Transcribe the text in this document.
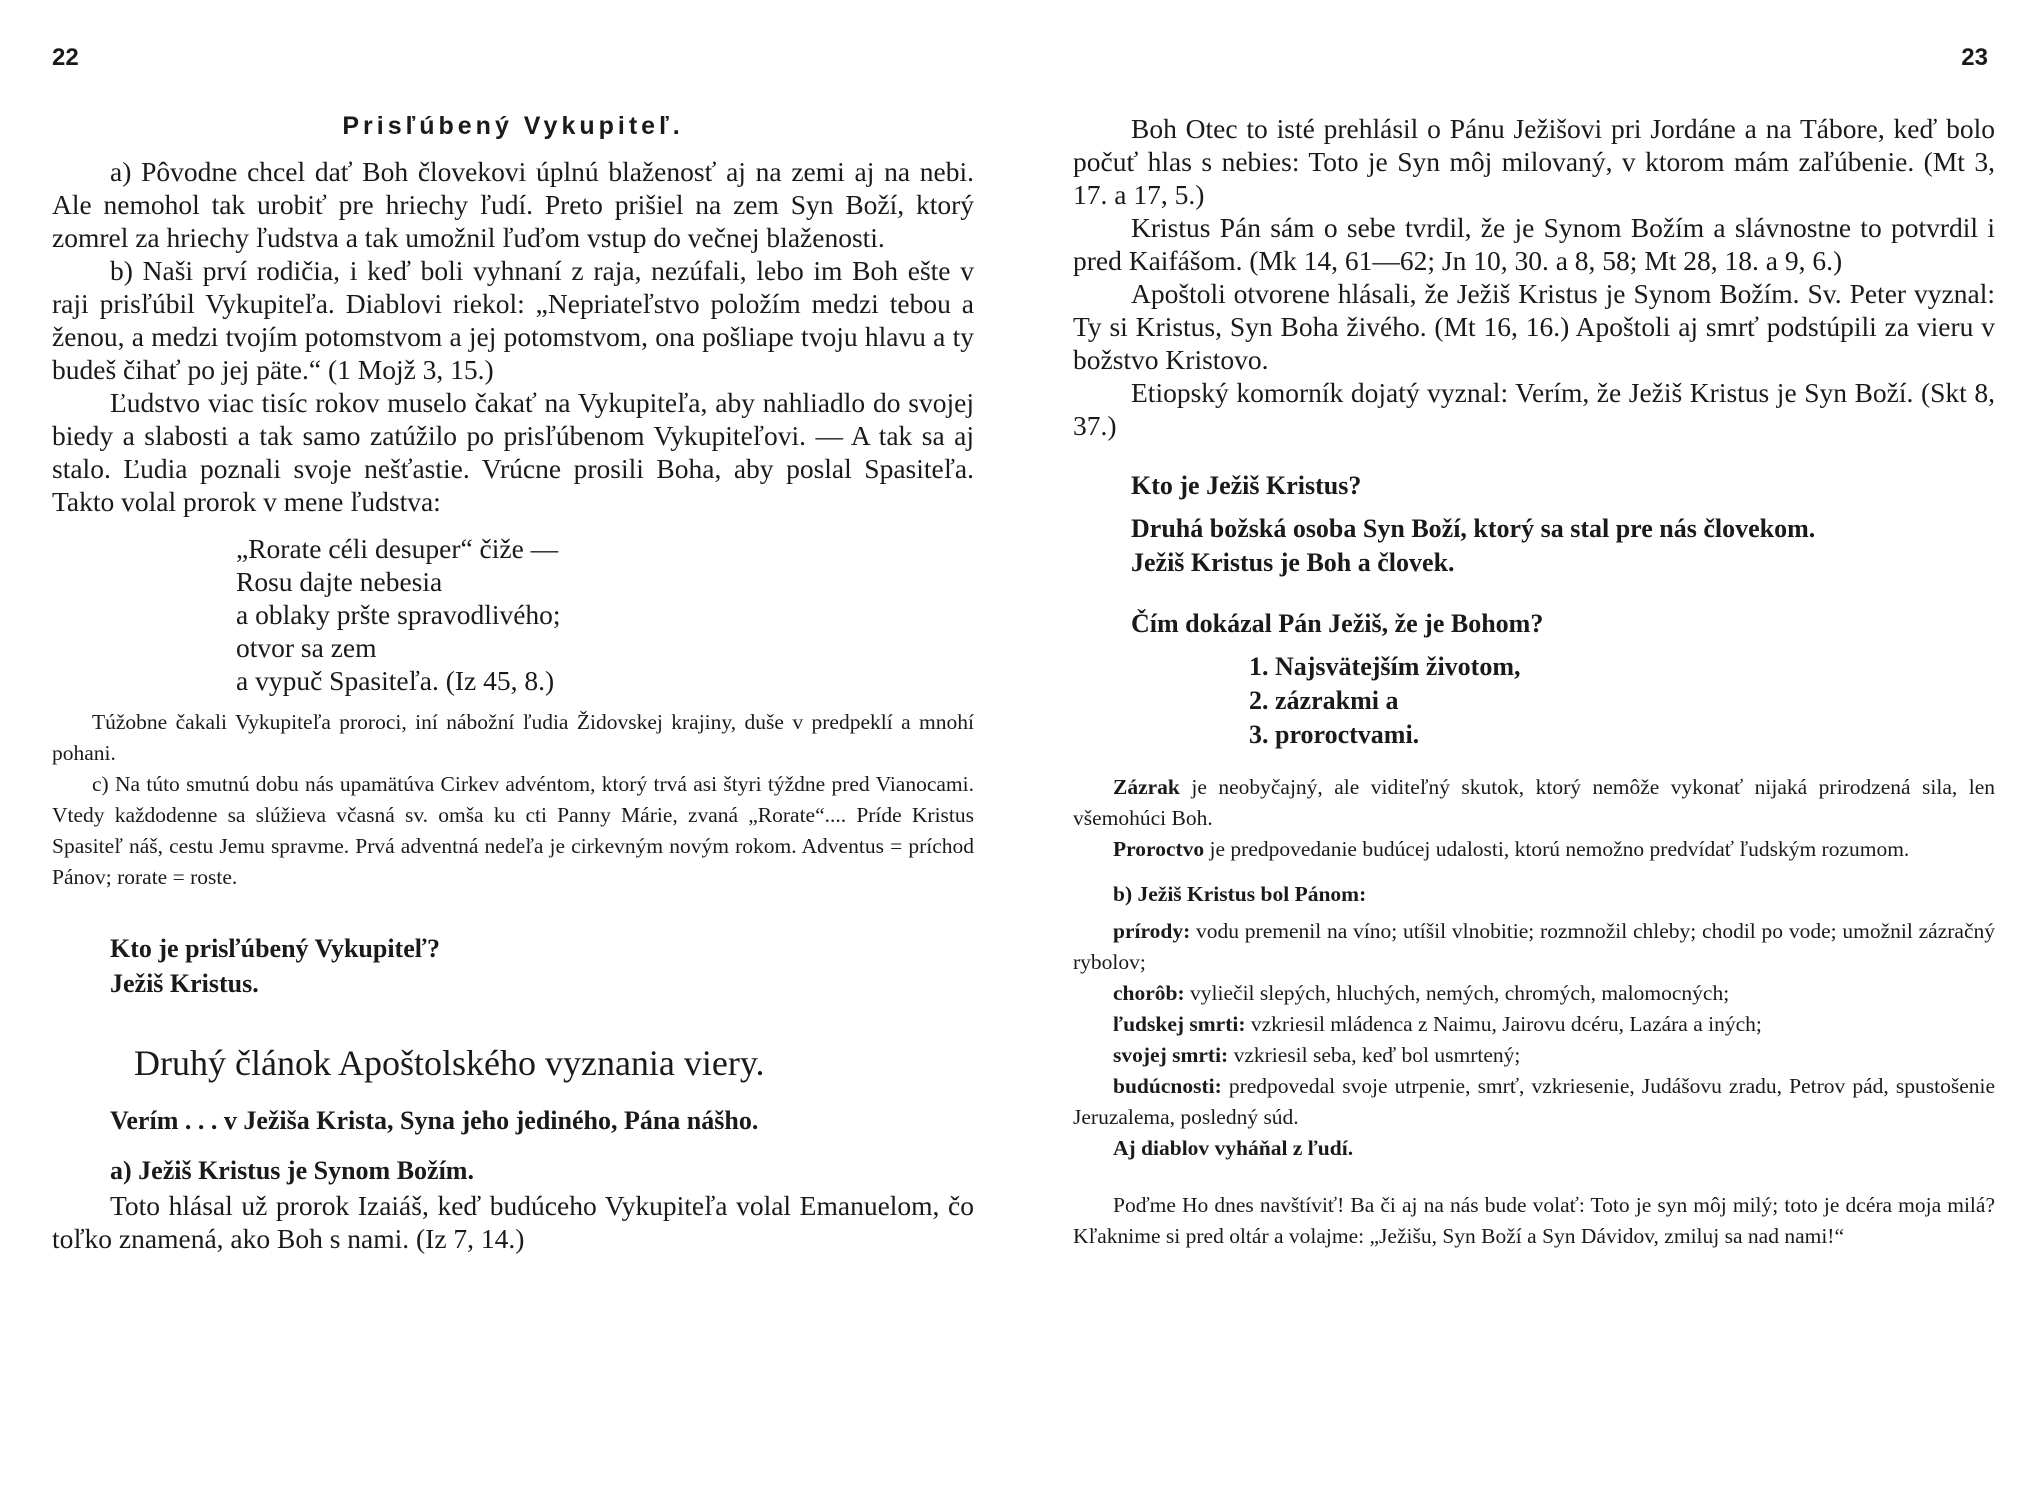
22
Prisľúbený Vykupiteľ.

a) Pôvodne chcel dať Boh človekovi úplnú blaženosť aj na zemi aj na nebi. Ale nemohol tak urobiť pre hriechy ľudí. Preto prišiel na zem Syn Boží, ktorý zomrel za hriechy ľudstva a tak umožnil ľuďom vstup do večnej blaženosti.

b) Naši prví rodičia, i keď boli vyhnaní z raja, nezúfali, lebo im Boh ešte v raji prisľúbil Vykupiteľa. Diablovi riekol: „Nepriateľstvo položím medzi tebou a ženou, a medzi tvojím potomstvom a jej potomstvom, ona pošliape tvoju hlavu a ty budeš čihať po jej päte.“ (1 Mojž 3, 15.)

Ľudstvo viac tisíc rokov muselo čakať na Vykupiteľa, aby nahliadlo do svojej biedy a slabosti a tak samo zatúžilo po prisľúbenom Vykupiteľovi. — A tak sa aj stalo. Ľudia poznali svoje nešťastie. Vrúcne prosili Boha, aby poslal Spasiteľa. Takto volal prorok v mene ľudstva:

„Rorate céli desuper“ čiže —
Rosu dajte nebesia
a oblaky pršte spravodlivého;
otvor sa zem
a vypuč Spasiteľa. (Iz 45, 8.)

Túžobne čakali Vykupiteľa proroci, iní nábožní ľudia Židovskej krajiny, duše v predpeklí a mnohí pohani.

c) Na túto smutnú dobu nás upamätúva Cirkev advéntom, ktorý trvá asi štyri týždne pred Vianocami. Vtedy každodenne sa slúžieva včasná sv. omša ku cti Panny Márie, zvaná „Rorate“.... Príde Kristus Spasiteľ náš, cestu Jemu spravme. Prvá adventná nedeľa je cirkevným novým rokom. Adventus = príchod Pánov; rorate = roste.

Kto je prisľúbený Vykupiteľ?
Ježiš Kristus.
Druhý článok Apoštolského vyznania viery.
Verím . . . v Ježiša Krista, Syna jeho jediného, Pána nášho.
a) Ježiš Kristus je Synom Božím.

Toto hlásal už prorok Izaiáš, keď budúceho Vykupiteľa volal Emanuelom, čo toľko znamená, ako Boh s nami. (Iz 7, 14.)

23

Boh Otec to isté prehlásil o Pánu Ježišovi pri Jordáne a na Tábore, keď bolo počuť hlas s nebies: Toto je Syn môj milovaný, v ktorom mám zaľúbenie. (Mt 3, 17. a 17, 5.)

Kristus Pán sám o sebe tvrdil, že je Synom Božím a slávnostne to potvrdil i pred Kaifášom. (Mk 14, 61—62; Jn 10, 30. a 8, 58; Mt 28, 18. a 9, 6.)

Apoštoli otvorene hlásali, že Ježiš Kristus je Synom Božím. Sv. Peter vyznal: Ty si Kristus, Syn Boha živého. (Mt 16, 16.) Apoštoli aj smrť podstúpili za vieru v božstvo Kristovo.

Etiopský komorník dojatý vyznal: Verím, že Ježiš Kristus je Syn Boží. (Skt 8, 37.)

Kto je Ježiš Kristus?
Druhá božská osoba Syn Boží, ktorý sa stal pre nás človekom.
Ježiš Kristus je Boh a človek.
Čím dokázal Pán Ježiš, že je Bohom?
1. Najsvätejším životom,
2. zázrakmi a
3. proroctvami.

Zázrak je neobyčajný, ale viditeľný skutok, ktorý nemôže vykonať nijaká prirodzená sila, len všemohúci Boh.

Proroctvo je predpovedanie budúcej udalosti, ktorú nemožno predvídať ľudským rozumom.

b) Ježiš Kristus bol Pánom:

prírody: vodu premenil na víno; utíšil vlnobitie; rozmnožil chleby; chodil po vode; umožnil zázračný rybolov;

chorôb: vyliečil slepých, hluchých, nemých, chromých, malomocných;

ľudskej smrti: vzkriesil mládenca z Naimu, Jairovu dcéru, Lazára a iných;

svojej smrti: vzkriesil seba, keď bol usmrtený;

budúcnosti: predpovedal svoje utrpenie, smrť, vzkriesenie, Judášovu zradu, Petrov pád, spustošenie Jeruzalema, posledný súd.

Aj diablov vyháňal z ľudí.

Poďme Ho dnes navštíviť! Ba či aj na nás bude volať: Toto je syn môj milý; toto je dcéra moja milá? Kľaknime si pred oltár a volajme: „Ježišu, Syn Boží a Syn Dávidov, zmiluj sa nad nami!“
